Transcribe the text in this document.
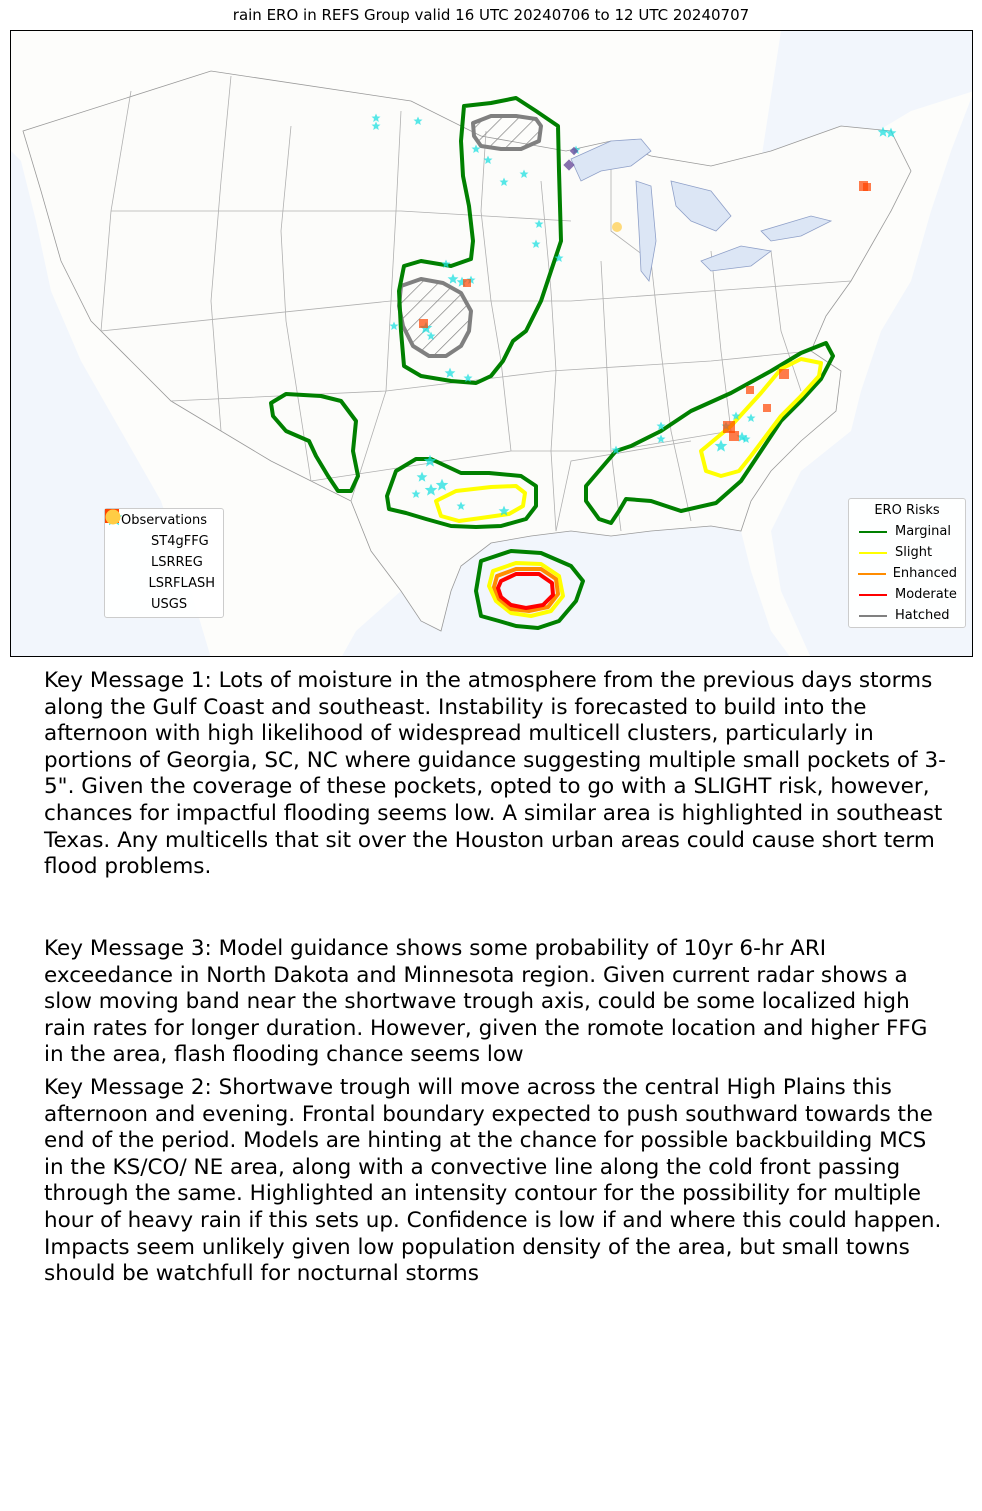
rain ERO in REFS Group valid 16 UTC 20240706 to 12 UTC 20240707
Observations
ST4gFFG
LSRREG
LSRFLASH
USGS
ERO Risks
Marginal
Slight
Enhanced
Moderate
Hatched

Key Message 1: Lots of moisture in the atmosphere from the previous days storms along the Gulf Coast and southeast. Instability is forecasted to build into the afternoon with high likelihood of widespread multicell clusters, particularly in portions of Georgia, SC, NC where guidance suggesting multiple small pockets of 3-5". Given the coverage of these pockets, opted to go with a SLIGHT risk, however, chances for impactful flooding seems low. A similar area is highlighted in southeast Texas. Any multicells that sit over the Houston urban areas could cause short term flood problems.

Key Message 3: Model guidance shows some probability of 10yr 6-hr ARI exceedance in North Dakota and Minnesota region. Given current radar shows a slow moving band near the shortwave trough axis, could be some localized high rain rates for longer duration. However, given the romote location and higher FFG in the area, flash flooding chance seems low

Key Message 2: Shortwave trough will move across the central High Plains this afternoon and evening. Frontal boundary expected to push southward towards the end of the period. Models are hinting at the chance for possible backbuilding MCS in the KS/CO/ NE area, along with a convective line along the cold front passing through the same. Highlighted an intensity contour for the possibility for multiple hour of heavy rain if this sets up. Confidence is low if and where this could happen. Impacts seem unlikely given low population density of the area, but small towns should be watchfull for nocturnal storms
